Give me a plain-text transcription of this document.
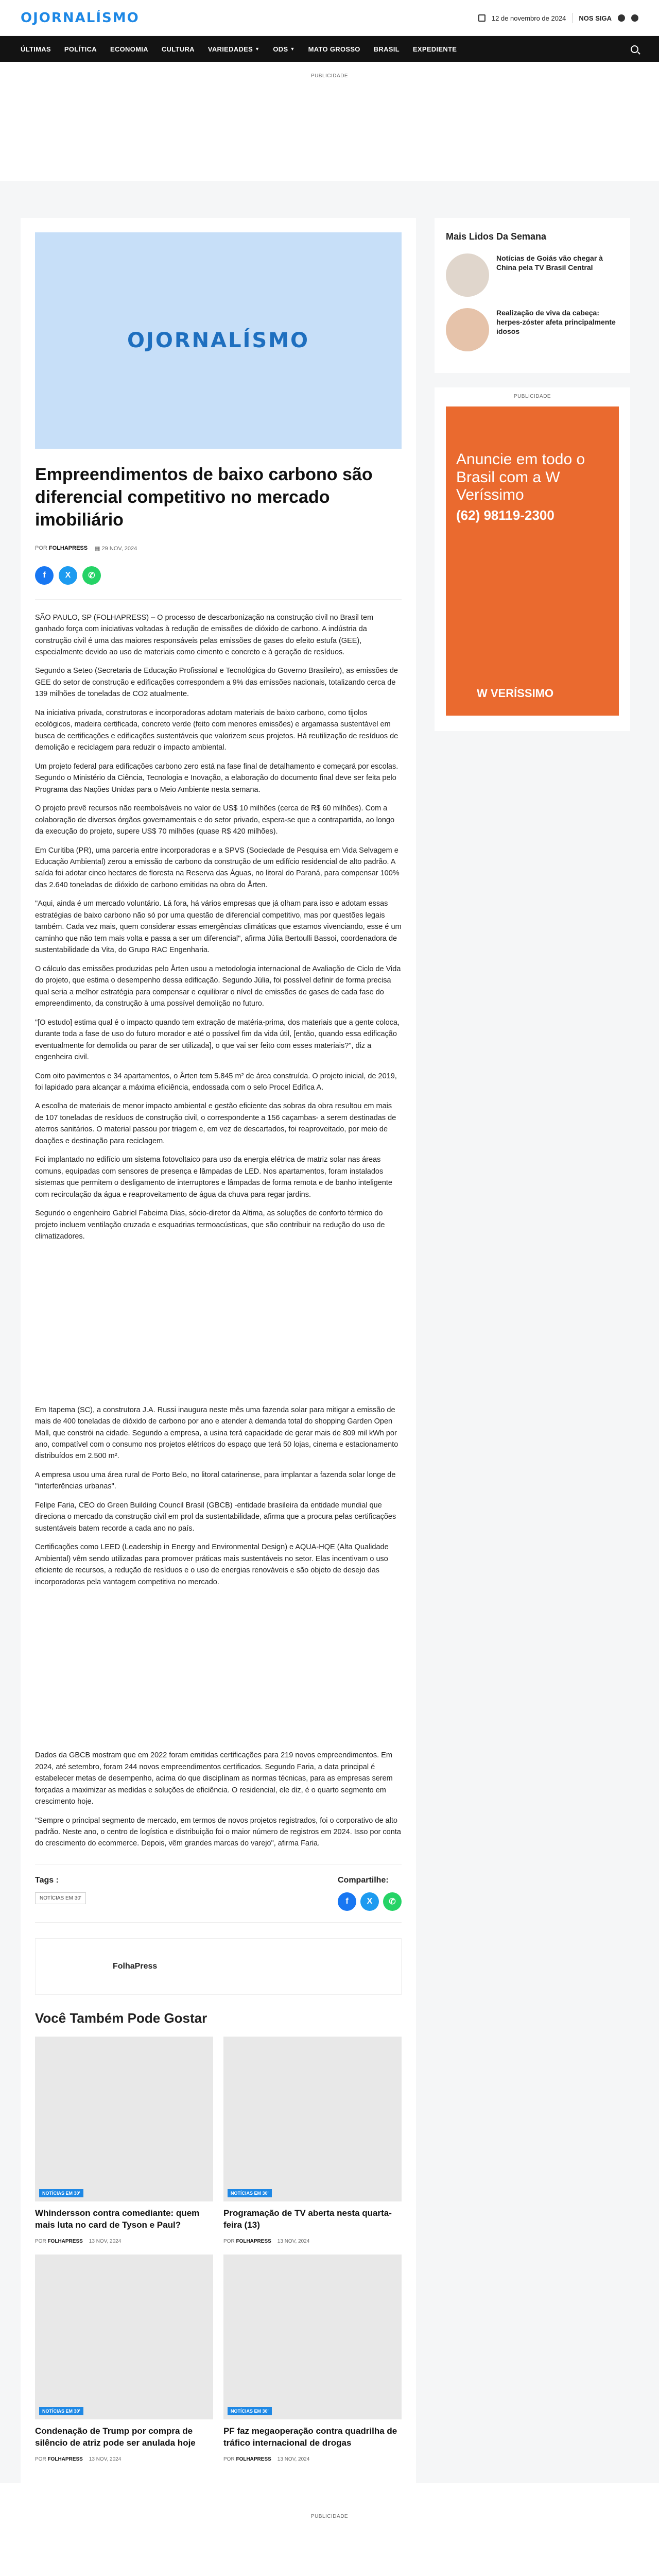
OJORNALÍSMO	12 de novembro de 2024 NOS SIGA
ÚLTIMAS POLÍTICA ECONOMIA CULTURA VARIEDADES ▼ ODS ▼ MATO GROSSO BRASIL EXPEDIENTE
PUBLICIDADE
OJORNALÍSMO
Empreendimentos de baixo carbono são diferencial competitivo no mercado imobiliário
POR FOLHAPRESS ▦ 29 NOV, 2024
f	X	✆

SÃO PAULO, SP (FOLHAPRESS) – O processo de descarbonização na construção civil no Brasil tem ganhado força com iniciativas voltadas à redução de emissões de dióxido de carbono. A indústria da construção civil é uma das maiores responsáveis pelas emissões de gases do efeito estufa (GEE), especialmente devido ao uso de materiais como cimento e concreto e à geração de resíduos.

Segundo a Seteo (Secretaria de Educação Profissional e Tecnológica do Governo Brasileiro), as emissões de GEE do setor de construção e edificações correspondem a 9% das emissões nacionais, totalizando cerca de 139 milhões de toneladas de CO2 atualmente.

Na iniciativa privada, construtoras e incorporadoras adotam materiais de baixo carbono, como tijolos ecológicos, madeira certificada, concreto verde (feito com menores emissões) e argamassa sustentável em busca de certificações e edificações sustentáveis que valorizem seus projetos. Há reutilização de resíduos de demolição e reciclagem para reduzir o impacto ambiental.

Um projeto federal para edificações carbono zero está na fase final de detalhamento e começará por escolas. Segundo o Ministério da Ciência, Tecnologia e Inovação, a elaboração do documento final deve ser feita pelo Programa das Nações Unidas para o Meio Ambiente nesta semana.

O projeto prevê recursos não reembolsáveis no valor de US$ 10 milhões (cerca de R$ 60 milhões). Com a colaboração de diversos órgãos governamentais e do setor privado, espera-se que a contrapartida, ao longo da execução do projeto, supere US$ 70 milhões (quase R$ 420 milhões).

Em Curitiba (PR), uma parceria entre incorporadoras e a SPVS (Sociedade de Pesquisa em Vida Selvagem e Educação Ambiental) zerou a emissão de carbono da construção de um edifício residencial de alto padrão. A saída foi adotar cinco hectares de floresta na Reserva das Águas, no litoral do Paraná, para compensar 100% das 2.640 toneladas de dióxido de carbono emitidas na obra do Årten.

"Aqui, ainda é um mercado voluntário. Lá fora, há vários empresas que já olham para isso e adotam essas estratégias de baixo carbono não só por uma questão de diferencial competitivo, mas por questões legais também. Cada vez mais, quem considerar essas emergências climáticas que estamos vivenciando, esse é um caminho que não tem mais volta e passa a ser um diferencial", afirma Júlia Bertoulli Bassoi, coordenadora de sustentabilidade da Vita, do Grupo RAC Engenharia.

O cálculo das emissões produzidas pelo Årten usou a metodologia internacional de Avaliação de Ciclo de Vida do projeto, que estima o desempenho dessa edificação. Segundo Júlia, foi possível definir de forma precisa qual seria a melhor estratégia para compensar e equilibrar o nível de emissões de gases de cada fase do empreendimento, da construção à uma possível demolição no futuro.

"[O estudo] estima qual é o impacto quando tem extração de matéria-prima, dos materiais que a gente coloca, durante toda a fase de uso do futuro morador e até o possível fim da vida útil, [então, quando essa edificação eventualmente for demolida ou parar de ser utilizada], o que vai ser feito com esses materiais?", diz a engenheira civil.

Com oito pavimentos e 34 apartamentos, o Årten tem 5.845 m² de área construída. O projeto inicial, de 2019, foi lapidado para alcançar a máxima eficiência, endossada com o selo Procel Edifica A.

A escolha de materiais de menor impacto ambiental e gestão eficiente das sobras da obra resultou em mais de 107 toneladas de resíduos de construção civil, o correspondente a 156 caçambas- a serem destinadas de aterros sanitários. O material passou por triagem e, em vez de descartados, foi reaproveitado, por meio de doações e destinação para reciclagem.

Foi implantado no edifício um sistema fotovoltaico para uso da energia elétrica de matriz solar nas áreas comuns, equipadas com sensores de presença e lâmpadas de LED. Nos apartamentos, foram instalados sistemas que permitem o desligamento de interruptores e lâmpadas de forma remota e de banho inteligente com recirculação da água e reaproveitamento de água da chuva para regar jardins.

Segundo o engenheiro Gabriel Fabeima Dias, sócio-diretor da Altima, as soluções de conforto térmico do projeto incluem ventilação cruzada e esquadrias termoacústicas, que são contribuir na redução do uso de climatizadores.

Em Itapema (SC), a construtora J.A. Russi inaugura neste mês uma fazenda solar para mitigar a emissão de mais de 400 toneladas de dióxido de carbono por ano e atender à demanda total do shopping Garden Open Mall, que constrói na cidade. Segundo a empresa, a usina terá capacidade de gerar mais de 809 mil kWh por ano, compatível com o consumo nos projetos elétricos do espaço que terá 50 lojas, cinema e estacionamento distribuídos em 2.500 m².

A empresa usou uma área rural de Porto Belo, no litoral catarinense, para implantar a fazenda solar longe de "interferências urbanas".

Felipe Faria, CEO do Green Building Council Brasil (GBCB) -entidade brasileira da entidade mundial que direciona o mercado da construção civil em prol da sustentabilidade, afirma que a procura pelas certificações sustentáveis batem recorde a cada ano no país.

Certificações como LEED (Leadership in Energy and Environmental Design) e AQUA-HQE (Alta Qualidade Ambiental) vêm sendo utilizadas para promover práticas mais sustentáveis no setor. Elas incentivam o uso eficiente de recursos, a redução de resíduos e o uso de energias renováveis e são objeto de desejo das incorporadoras pela vantagem competitiva no mercado.

Dados da GBCB mostram que em 2022 foram emitidas certificações para 219 novos empreendimentos. Em 2024, até setembro, foram 244 novos empreendimentos certificados. Segundo Faria, a data principal é estabelecer metas de desempenho, acima do que disciplinam as normas técnicas, para as empresas serem forçadas a maximizar as medidas e soluções de eficiência. O residencial, ele diz, é o quarto segmento em crescimento hoje.

"Sempre o principal segmento de mercado, em termos de novos projetos registrados, foi o corporativo de alto padrão. Neste ano, o centro de logística e distribuição foi o maior número de registros em 2024. Isso por conta do crescimento do ecommerce. Depois, vêm grandes marcas do varejo", afirma Faria.

Tags :
NOTÍCIAS EM 30'
Compartilhe:
f	X	✆
FolhaPress
Você Também Pode Gostar
NOTÍCIAS EM 30'
Whindersson contra comediante: quem mais luta no card de Tyson e Paul?
POR FOLHAPRESS 13 NOV, 2024
NOTÍCIAS EM 30'
Programação de TV aberta nesta quarta-feira (13)
POR FOLHAPRESS 13 NOV, 2024
NOTÍCIAS EM 30'
Condenação de Trump por compra de silêncio de atriz pode ser anulada hoje
POR FOLHAPRESS 13 NOV, 2024
NOTÍCIAS EM 30'
PF faz megaoperação contra quadrilha de tráfico internacional de drogas
POR FOLHAPRESS 13 NOV, 2024
Mais Lidos Da Semana

Notícias de Goiás vão chegar à China pela TV Brasil Central

Realização de viva da cabeça: herpes-zóster afeta principalmente idosos

PUBLICIDADE
Anuncie em todo o Brasil com a W Veríssimo
(62) 98119-2300
W VERÍSSIMO
PUBLICIDADE
